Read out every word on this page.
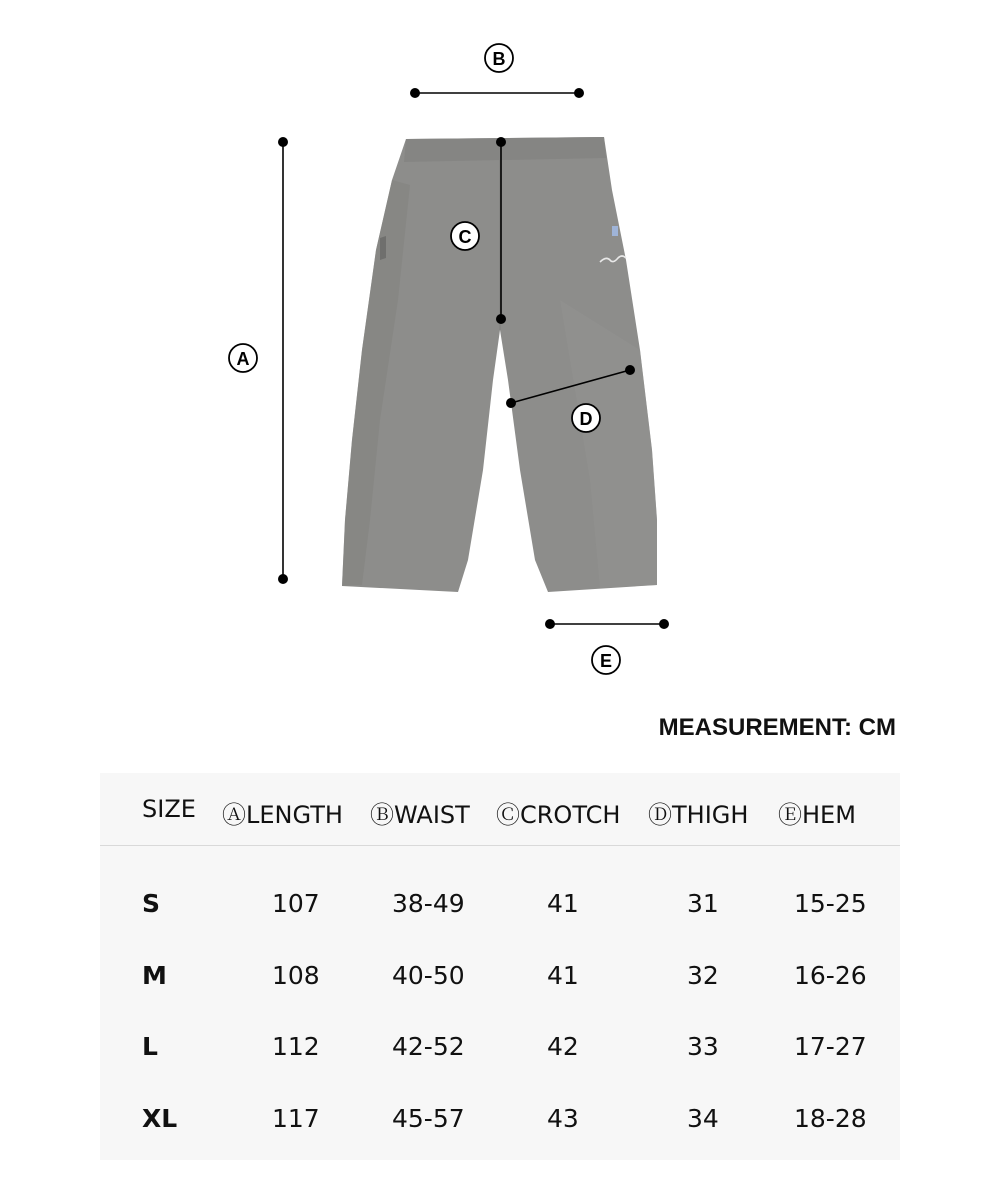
A
B
C
D
E
MEASUREMENT: CM
SIZE ⒶLENGTH ⒷWAIST ⒸCROTCH ⒹTHIGH ⒺHEM
S	107	38-49	41	31	15-25
M	108	40-50	41	32	16-26
L	112	42-52	42	33	17-27
XL	117	45-57	43	34	18-28
